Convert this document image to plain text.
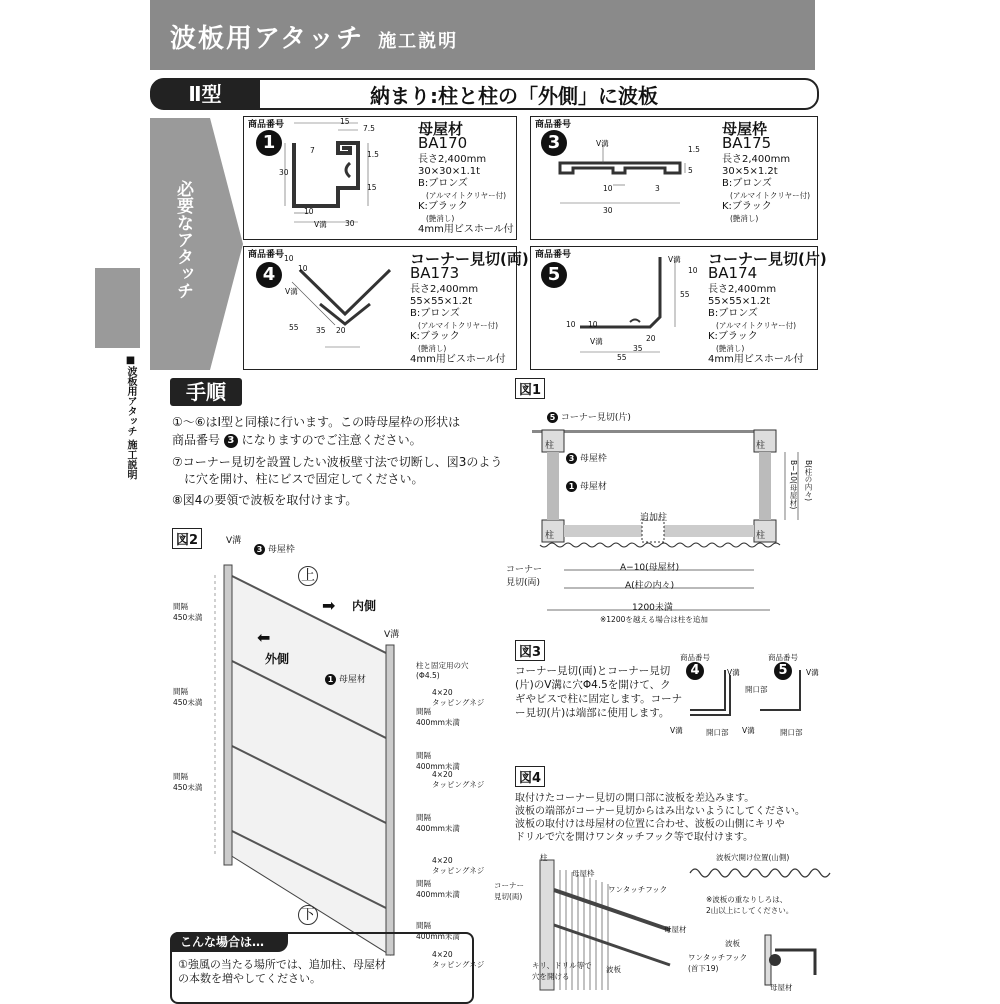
波板用アタッチ 施工説明
Ⅱ型	納まり:柱と柱の「外側」に波板
必要なアタッチ
■波板用アタッチ 施工説明
商品番号
1
15
7.5
7	1.5
30
15
10
V溝 30
母屋材
BA170
長さ2,400mm
30×30×1.1t
B:ブロンズ
(アルマイトクリヤー付)
K:ブラック
(艶消し)
4mm用ビスホール付
商品番号
3	V溝
1.5
5
10	3
30
母屋枠
BA175
長さ2,400mm
30×5×1.2t
B:ブロンズ
(アルマイトクリヤー付)
K:ブラック
(艶消し)
商品番号
4
10
10
V溝
55 35 20
コーナー見切(両)
BA173
長さ2,400mm
55×55×1.2t
B:ブロンズ
(アルマイトクリヤー付)
K:ブラック
(艶消し)
4mm用ビスホール付
商品番号
5
V溝
10
55
10 10
20
V溝
35
55
コーナー見切(片)
BA174
長さ2,400mm
55×55×1.2t
B:ブロンズ
(アルマイトクリヤー付)
K:ブラック
(艶消し)
4mm用ビスホール付
手順
①～⑥はⅠ型と同様に行います。この時母屋枠の形状は
商品番号 3 になりますのでご注意ください。
⑦コーナー見切を設置したい波板壁寸法で切断し、図3のよう
に穴を開け、柱にビスで固定してください。
⑧図4の要領で波板を取付けます。
図1
5 コーナー見切(片)
3 母屋枠
1 母屋材
柱	柱
柱	柱
追加柱
コーナー
見切(両)
A−10(母屋材)
A(柱の内々)
1200未満
※1200を越える場合は柱を追加
B−10(母屋材) B(柱の内々)
図2	V溝
3 母屋枠
上
下
内側
➡
外側
⬅	V溝
1 母屋材
柱と固定用の穴
(Φ4.5)
間隔
450未満
間隔
450未満
間隔
450未満
4×20
タッピングネジ
間隔
400mm未満
間隔
400mm未満
4×20
タッピングネジ
間隔
400mm未満
4×20
タッピングネジ
間隔
400mm未満
間隔
400mm未満
4×20
タッピングネジ
図3
コーナー見切(両)とコーナー見切
(片)のV溝に穴Φ4.5を開けて、ク
ギやビスで柱に固定します。コーナ
ー見切(片)は端部に使用します。
商品番号
4
商品番号
5
V溝
開口部
V溝	開口部
V溝
V溝	開口部
図4
取付けたコーナー見切の開口部に波板を差込みます。
波板の端部がコーナー見切からはみ出ないようにしてください。
波板の取付けは母屋材の位置に合わせ、波板の山側にキリや
ドリルで穴を開けワンタッチフック等で取付けます。
柱
コーナー
見切(両)
母屋枠
ワンタッチフック
母屋材
キリ、ドリル等で
穴を開ける
波板
波板穴開け位置(山側)
※波板の重なりしろは、
2山以上にしてください。
波板
ワンタッチフック
(首下19)
母屋材
こんな場合は…
①強風の当たる場所では、追加柱、母屋材
の本数を増やしてください。
